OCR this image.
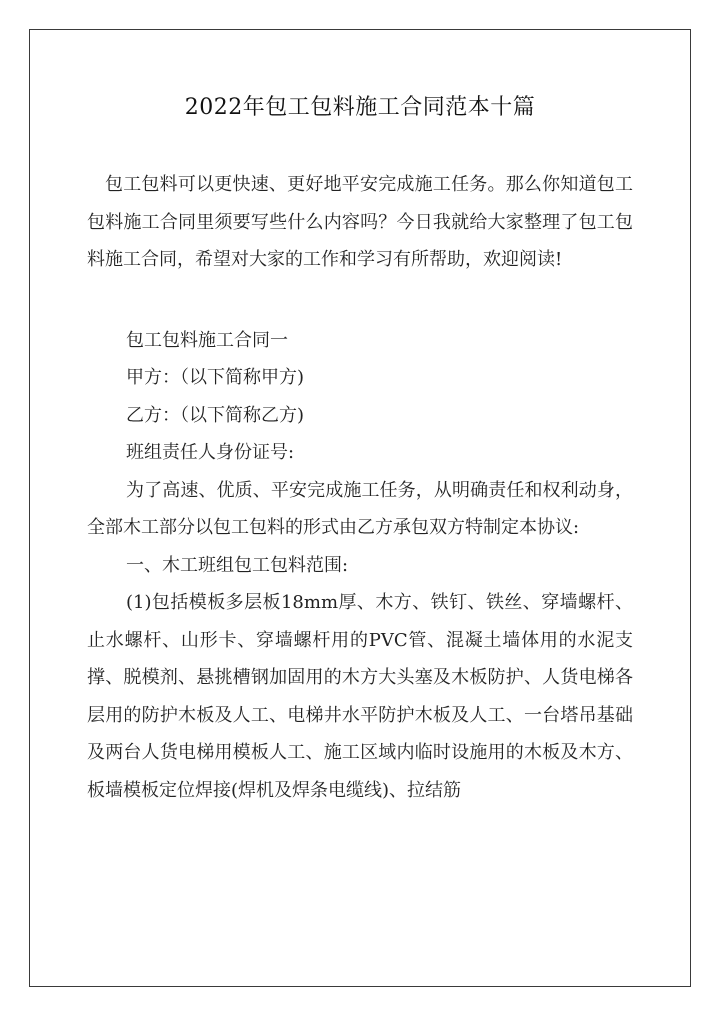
2022年包工包料施工合同范本十篇

包工包料可以更快速、更好地平安完成施工任务。那么你知道包工包料施工合同里须要写些什么内容吗？今日我就给大家整理了包工包料施工合同，希望对大家的工作和学习有所帮助，欢迎阅读!

包工包料施工合同一

甲方：（以下简称甲方)

乙方：（以下简称乙方)

班组责任人身份证号:

为了高速、优质、平安完成施工任务，从明确责任和权利动身，全部木工部分以包工包料的形式由乙方承包双方特制定本协议:

一、木工班组包工包料范围:

(1)包括模板多层板18mm厚、木方、铁钉、铁丝、穿墙螺杆、止水螺杆、山形卡、穿墙螺杆用的PVC管、混凝土墙体用的水泥支撑、脱模剂、悬挑槽钢加固用的木方大头塞及木板防护、人货电梯各层用的防护木板及人工、电梯井水平防护木板及人工、一台塔吊基础及两台人货电梯用模板人工、施工区域内临时设施用的木板及木方、板墙模板定位焊接(焊机及焊条电缆线)、拉结筋
